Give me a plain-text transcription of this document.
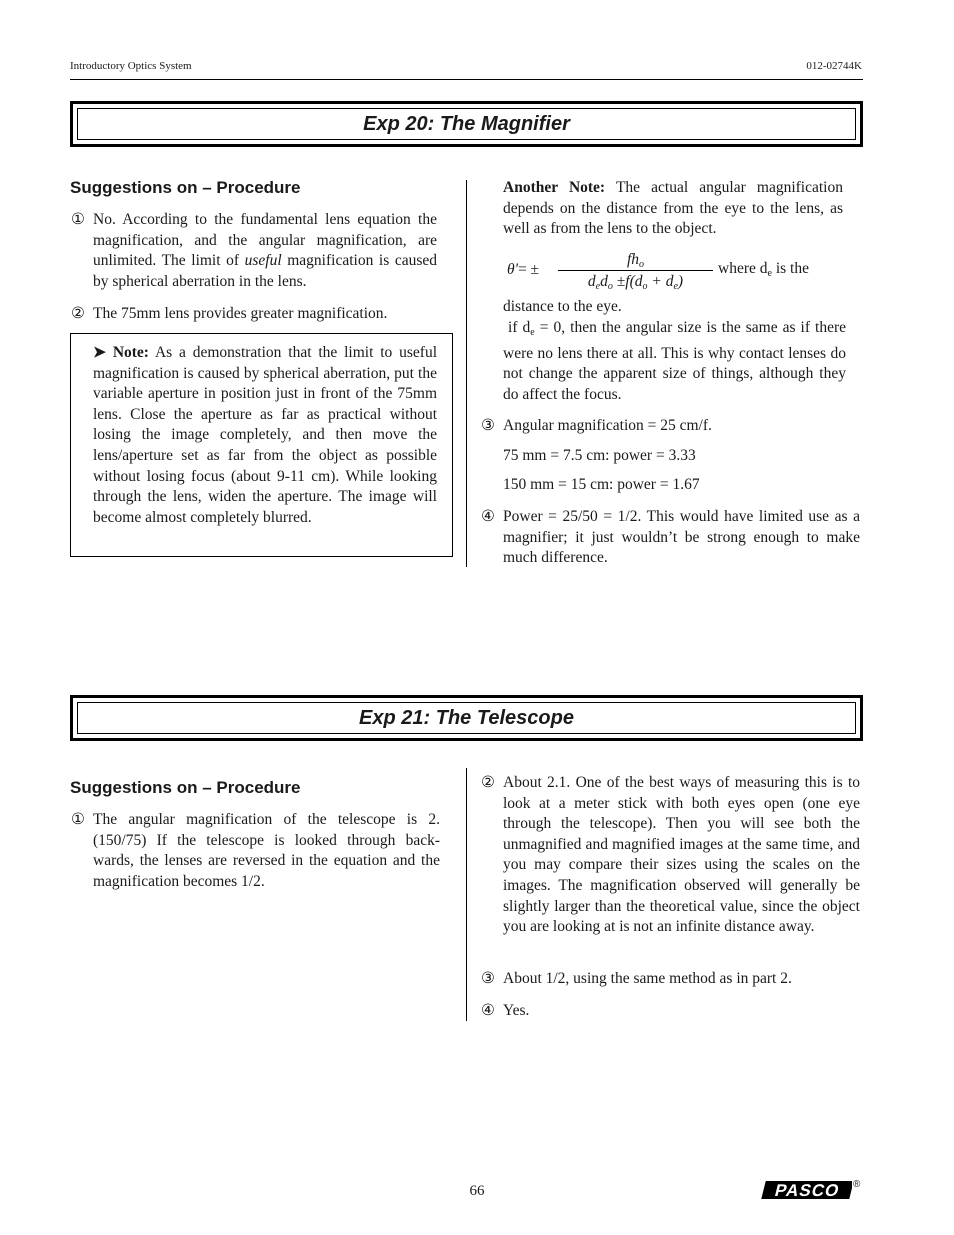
Introductory Optics System	012-02744K
Exp 20: The Magnifier
Suggestions on – Procedure
① No. According to the fundamental lens equation the magnification, and the angular magnification, are unlimited. The limit of useful magnification is caused by spherical aberration in the lens.
② The 75mm lens provides greater magnification.
➤ Note: As a demonstration that the limit to useful magnification is caused by spherical aberration, put the variable aperture in position just in front of the 75mm lens. Close the aperture as far as practical without losing the image completely, and then move the lens/aperture set as far from the object as possible without losing focus (about 9-11 cm). While looking through the lens, widen the aperture. The image will become almost completely blurred.
Another Note: The actual angular magnification depends on the distance from the eye to the lens, as well as from the lens to the object.
θ'= ±
$fh_o$
$d_ed_o \pm f(d_o + d_e)$
where $d_e$ is the
distance to the eye.
if $d_e = 0$, then the angular size is the same as if there were no lens there at all. This is why contact lenses do not change the apparent size of things, although they do affect the focus.
③ Angular magnification = 25 cm/f.
75 mm = 7.5 cm: power = 3.33
150 mm = 15 cm: power = 1.67
④ Power = 25/50 = 1/2. This would have limited use as a magnifier; it just wouldn’t be strong enough to make much difference.
Exp 21: The Telescope
Suggestions on – Procedure
① The angular magnification of the telescope is 2. (150/75) If the telescope is looked through back- wards, the lenses are reversed in the equation and the magnification becomes 1/2.
② About 2.1. One of the best ways of measuring this is to look at a meter stick with both eyes open (one eye through the telescope). Then you will see both the unmagnified and magnified images at the same time, and you may compare their sizes using the scales on the images. The magnification observed will generally be slightly larger than the theoretical value, since the object you are looking at is not an infinite distance away.
③ About 1/2, using the same method as in part 2.
④ Yes.
66	PASCO ®
